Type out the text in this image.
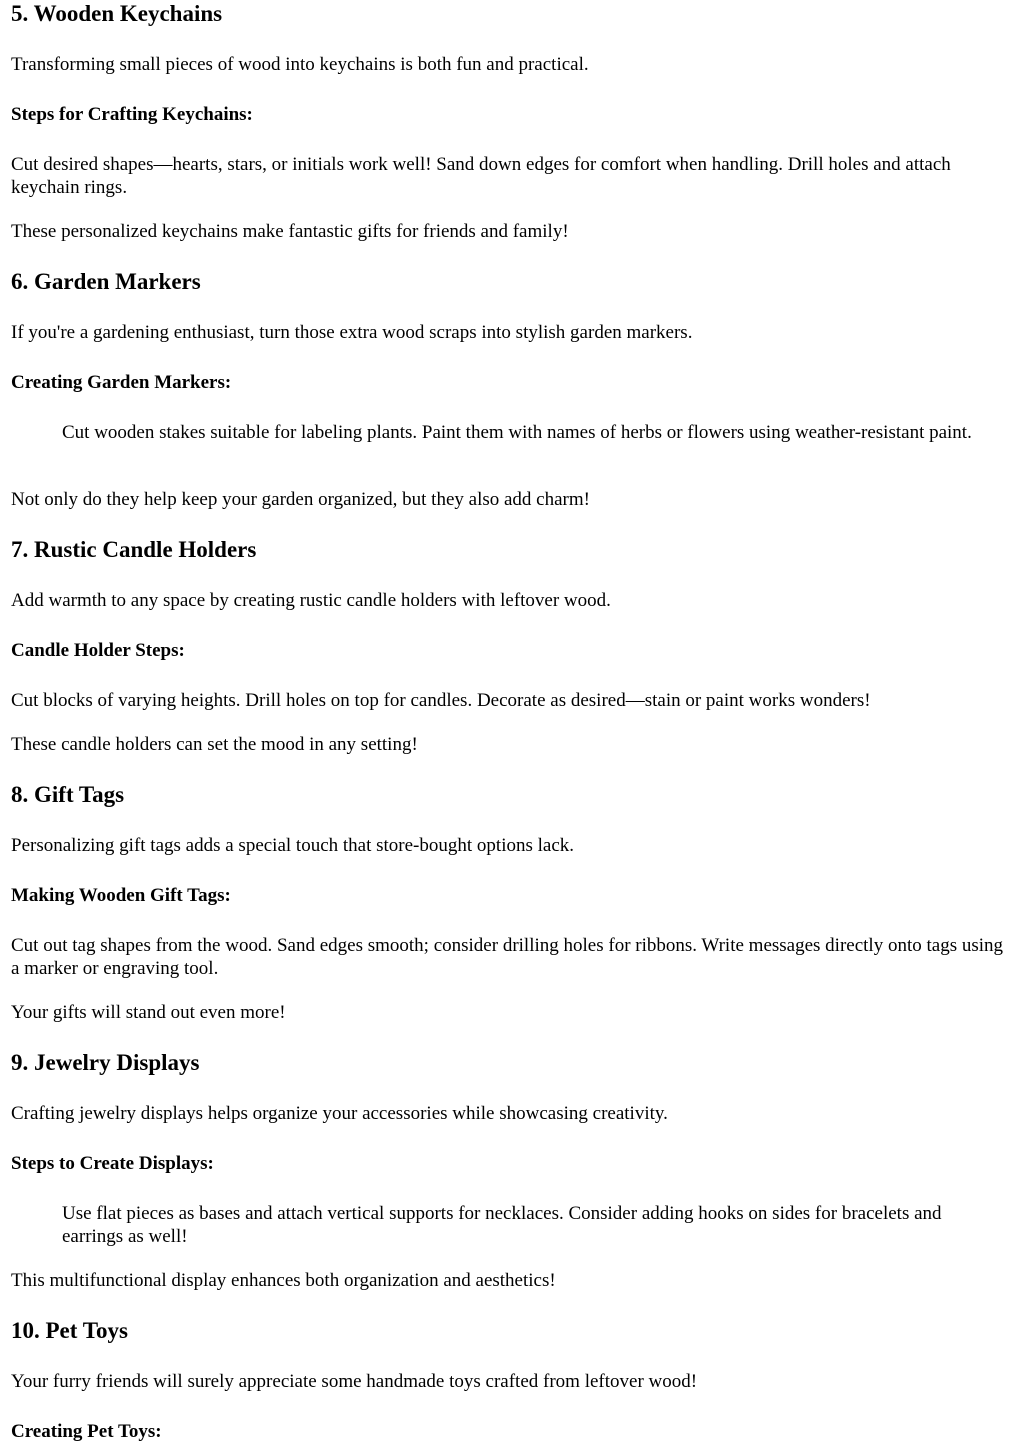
5. Wooden Keychains

Transforming small pieces of wood into keychains is both fun and practical.

Steps for Crafting Keychains:

Cut desired shapes—hearts, stars, or initials work well! Sand down edges for comfort when handling. Drill holes and attach keychain rings.

These personalized keychains make fantastic gifts for friends and family!

6. Garden Markers

If you're a gardening enthusiast, turn those extra wood scraps into stylish garden markers.

Creating Garden Markers:

Cut wooden stakes suitable for labeling plants. Paint them with names of herbs or flowers using weather-resistant paint.

Not only do they help keep your garden organized, but they also add charm!

7. Rustic Candle Holders

Add warmth to any space by creating rustic candle holders with leftover wood.

Candle Holder Steps:

Cut blocks of varying heights. Drill holes on top for candles. Decorate as desired—stain or paint works wonders!

These candle holders can set the mood in any setting!

8. Gift Tags

Personalizing gift tags adds a special touch that store-bought options lack.

Making Wooden Gift Tags:

Cut out tag shapes from the wood. Sand edges smooth; consider drilling holes for ribbons. Write messages directly onto tags using a marker or engraving tool.

Your gifts will stand out even more!

9. Jewelry Displays

Crafting jewelry displays helps organize your accessories while showcasing creativity.

Steps to Create Displays:

Use flat pieces as bases and attach vertical supports for necklaces. Consider adding hooks on sides for bracelets and earrings as well!

This multifunctional display enhances both organization and aesthetics!

10. Pet Toys

Your furry friends will surely appreciate some handmade toys crafted from leftover wood!

Creating Pet Toys:
